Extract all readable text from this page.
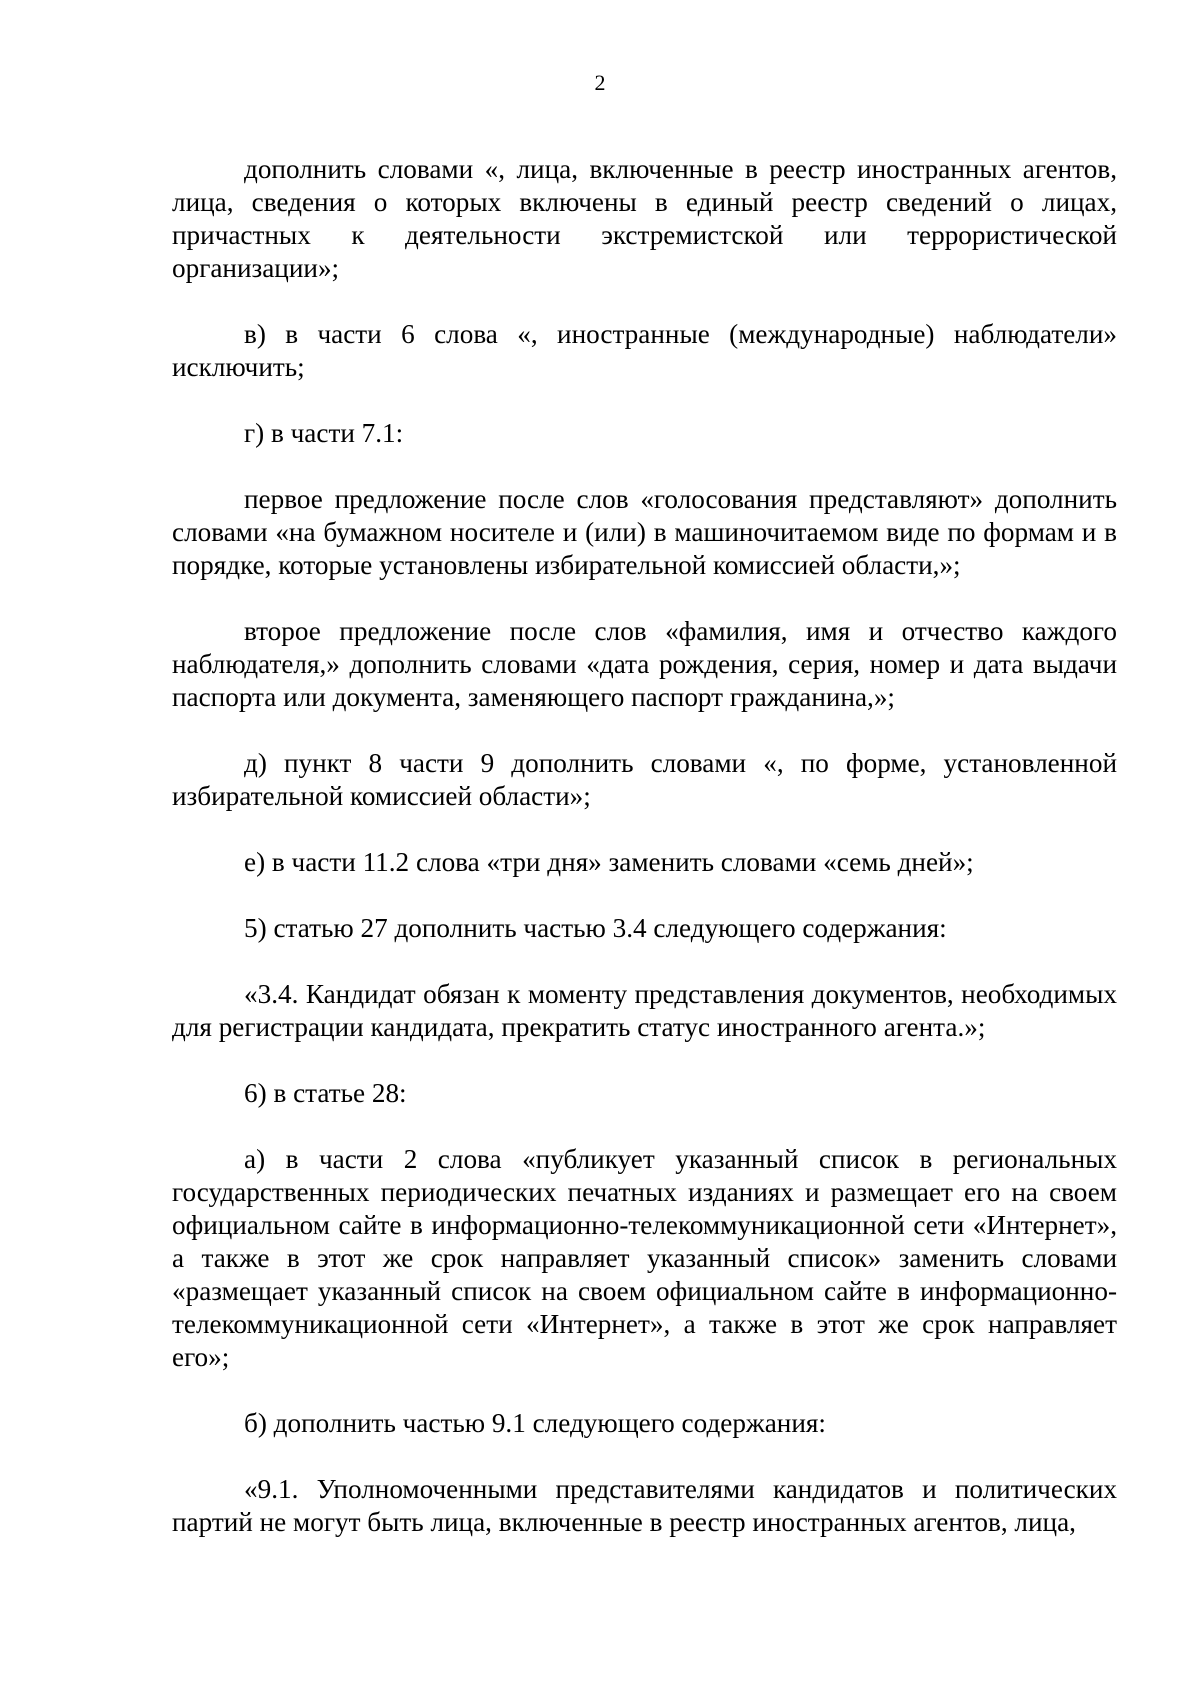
2

дополнить словами «, лица, включенные в реестр иностранных агентов, лица, сведения о которых включены в единый реестр сведений о лицах, причастных к деятельности экстремистской или террористической организации»;

в) в части 6 слова «, иностранные (международные) наблюдатели» исключить;

г) в части 7.1:

первое предложение после слов «голосования представляют» дополнить словами «на бумажном носителе и (или) в машиночитаемом виде по формам и в порядке, которые установлены избирательной комиссией области,»;

второе предложение после слов «фамилия, имя и отчество каждого наблюдателя,» дополнить словами «дата рождения, серия, номер и дата выдачи паспорта или документа, заменяющего паспорт гражданина,»;

д) пункт 8 части 9 дополнить словами «, по форме, установленной избирательной комиссией области»;

е) в части 11.2 слова «три дня» заменить словами «семь дней»;

5) статью 27 дополнить частью 3.4 следующего содержания:

«3.4. Кандидат обязан к моменту представления документов, необходимых для регистрации кандидата, прекратить статус иностранного агента.»;

6) в статье 28:

а) в части 2 слова «публикует указанный список в региональных государственных периодических печатных изданиях и размещает его на своем официальном сайте в информационно-телекоммуникационной сети «Интернет», а также в этот же срок направляет указанный список» заменить словами «размещает указанный список на своем официальном сайте в информационно-телекоммуникационной сети «Интернет», а также в этот же срок направляет его»;

б) дополнить частью 9.1 следующего содержания:

«9.1. Уполномоченными представителями кандидатов и политических партий не могут быть лица, включенные в реестр иностранных агентов, лица,
